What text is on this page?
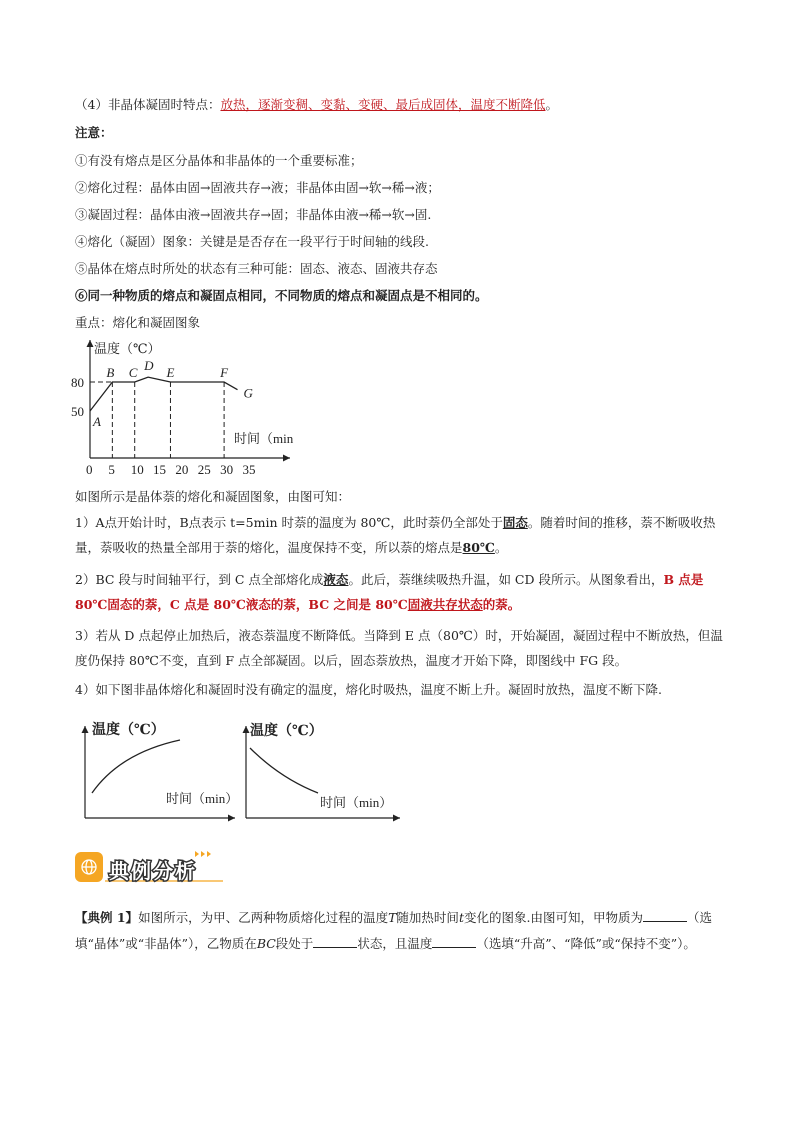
（4）非晶体凝固时特点：放热，逐渐变稠、变黏、变硬、最后成固体，温度不断降低。
注意：
①有没有熔点是区分晶体和非晶体的一个重要标准；
②熔化过程：晶体由固→固液共存→液；非晶体由固→软→稀→液；
③凝固过程：晶体由液→固液共存→固；非晶体由液→稀→软→固.
④熔化（凝固）图象：关键是是否存在一段平行于时间轴的线段.
⑤晶体在熔点时所处的状态有三种可能：固态、液态、固液共存态
⑥同一种物质的熔点和凝固点相同，不同物质的熔点和凝固点是不相同的。
重点：熔化和凝固图象
温度（℃）
时间（min
0 5 10 15 20 25 30 35
80
50
A
B C D E	F
G
如图所示是晶体萘的熔化和凝固图象，由图可知：
1）A点开始计时，B点表示 t=5min 时萘的温度为 80℃，此时萘仍全部处于固态。随着时间的推移，萘不断吸收热量，萘吸收的热量全部用于萘的熔化，温度保持不变，所以萘的熔点是80℃。
2）BC 段与时间轴平行，到 C 点全部熔化成液态。此后，萘继续吸热升温，如 CD 段所示。从图象看出，B 点是 80℃固态的萘，C 点是 80℃液态的萘，BC 之间是 80℃固液共存状态的萘。
3）若从 D 点起停止加热后，液态萘温度不断降低。当降到 E 点（80℃）时，开始凝固，凝固过程中不断放热，但温度仍保持 80℃不变，直到 F 点全部凝固。以后，固态萘放热，温度才开始下降，即图线中 FG 段。
4）如下图非晶体熔化和凝固时没有确定的温度，熔化时吸热，温度不断上升。凝固时放热，温度不断下降.
温度（℃）
时间（min）
温度（℃）
时间（min）
典例分析
【典例 1】如图所示，为甲、乙两种物质熔化过程的温度T随加热时间t变化的图象.由图可知，甲物质为	（选填“晶体”或“非晶体”），乙物质在BC段处于	状态，且温度	（选填“升高”、“降低”或“保持不变”）。
